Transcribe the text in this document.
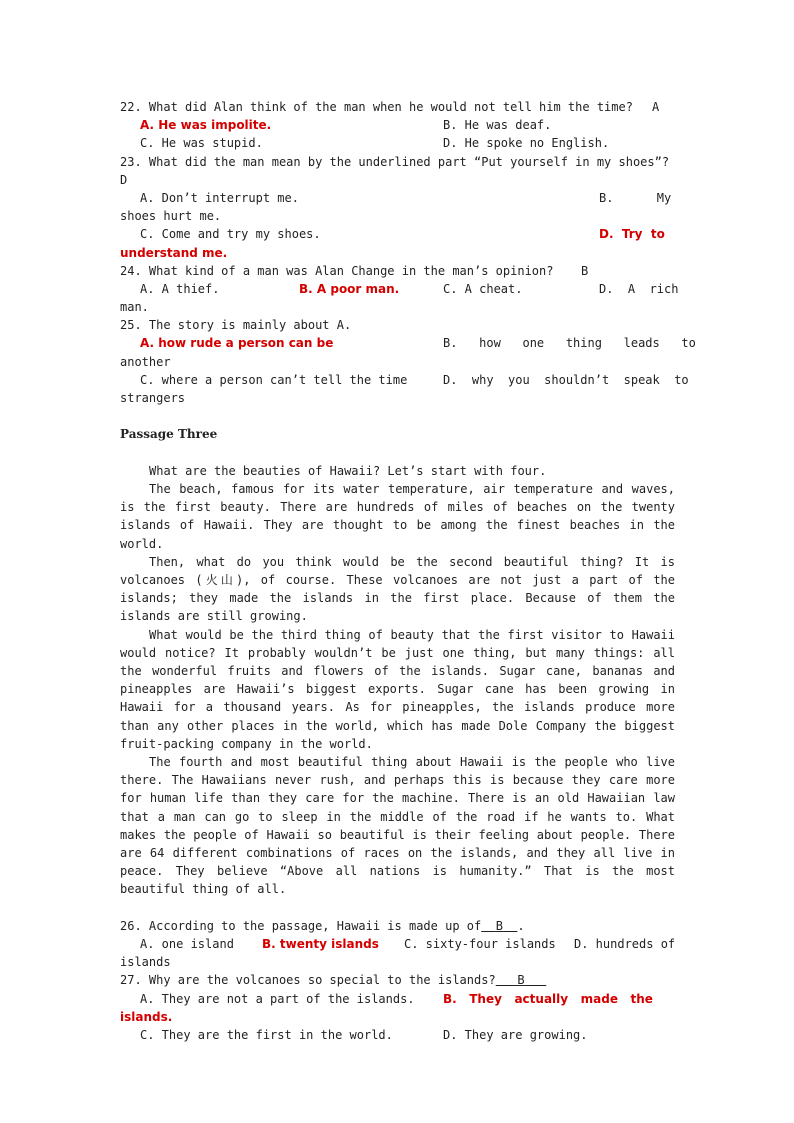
22. What did Alan think of the man when he would not tell him the time? A
A. He was impolite.	B. He was deaf.
C. He was stupid.	D. He spoke no English.
23. What did the man mean by the underlined part “Put yourself in my shoes”?
D
A. Don’t interrupt me.	B.      My
shoes hurt me.
C. Come and try my shoes.	D.  Try  to
understand me.
24. What kind of a man was Alan Change in the man’s opinion? B
A. A thief.	B. A poor man.	C. A cheat.	D.  A  rich
man.
25. The story is mainly about A.
A. how rude a person can be	B.   how   one   thing   leads   to
another
C. where a person can’t tell the time	D.  why  you  shouldn’t  speak  to
strangers
Passage Three
What are the beauties of Hawaii? Let’s start with four.
The beach, famous for its water temperature, air temperature and waves, is the first beauty. There are hundreds of miles of beaches on the twenty islands of Hawaii. They are thought to be among the finest beaches in the world.
Then, what do you think would be the second beautiful thing? It is volcanoes (火山), of course. These volcanoes are not just a part of the islands; they made the islands in the first place. Because of them the islands are still growing.
What would be the third thing of beauty that the first visitor to Hawaii would notice? It probably wouldn’t be just one thing, but many things: all the wonderful fruits and flowers of the islands. Sugar cane, bananas and pineapples are Hawaii’s biggest exports. Sugar cane has been growing in Hawaii for a thousand years. As for pineapples, the islands produce more than any other places in the world, which has made Dole Company the biggest fruit-packing company in the world.
The fourth and most beautiful thing about Hawaii is the people who live there. The Hawaiians never rush, and perhaps this is because they care more for human life than they care for the machine. There is an old Hawaiian law that a man can go to sleep in the middle of the road if he wants to. What makes the people of Hawaii so beautiful is their feeling about people. There are 64 different combinations of races on the islands, and they all live in peace. They believe “Above all nations is humanity.” That is the most beautiful thing of all.
26. According to the passage, Hawaii is made up of B .
A. one island B. twenty islands C. sixty-four islands D. hundreds of
islands
27. Why are the volcanoes so special to the islands? B
A. They are not a part of the islands. B.   They   actually   made   the
islands.
C. They are the first in the world.	D. They are growing.
